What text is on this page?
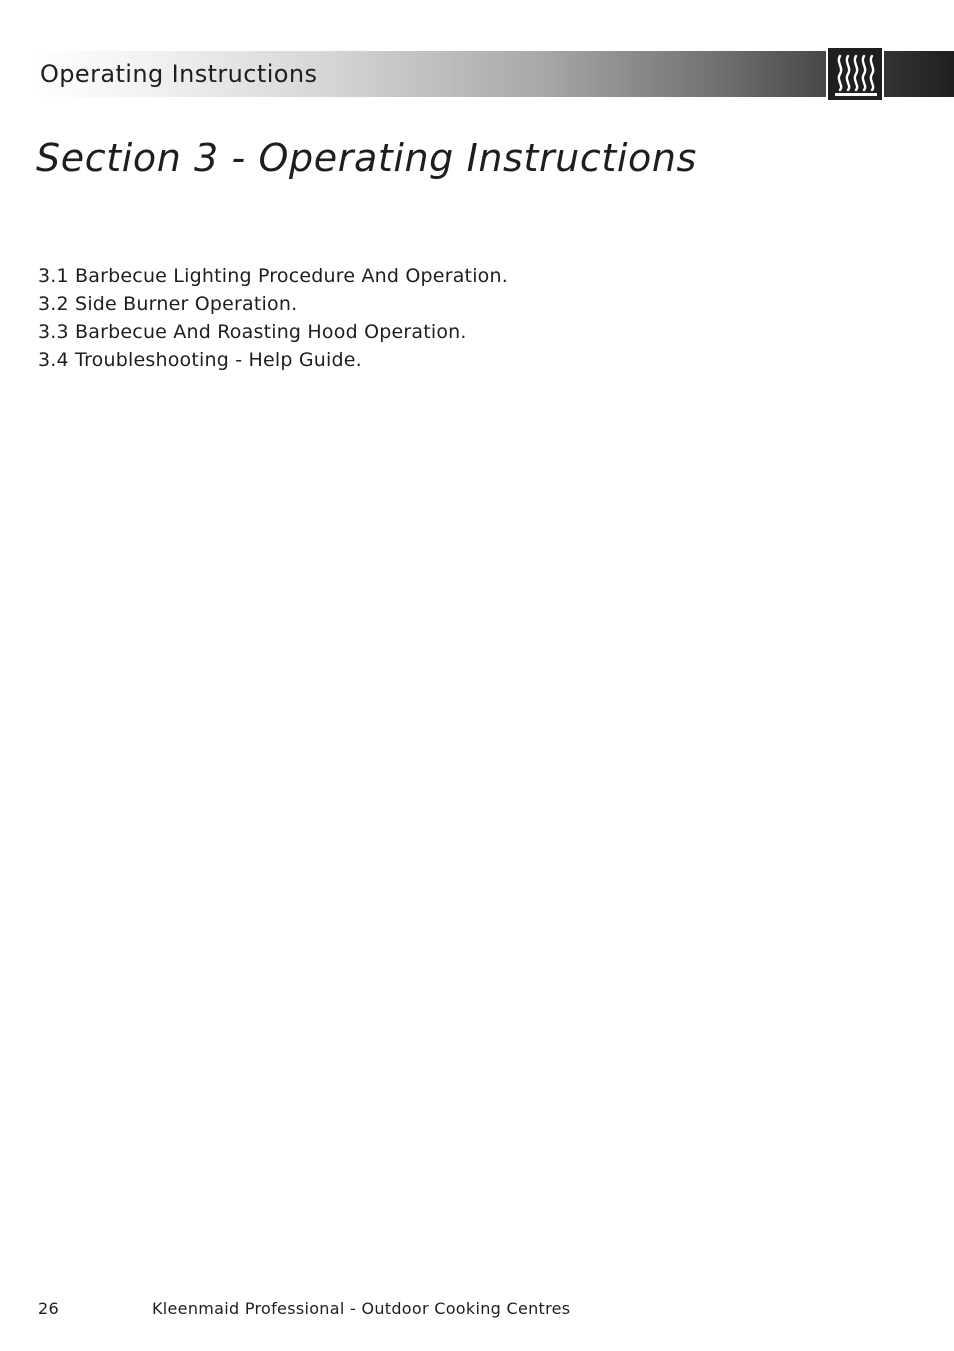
Operating Instructions
Section 3 - Operating Instructions
3.1 Barbecue Lighting Procedure And Operation.
3.2 Side Burner Operation.
3.3 Barbecue And Roasting Hood Operation.
3.4 Troubleshooting - Help Guide.
26	Kleenmaid Professional - Outdoor Cooking Centres
